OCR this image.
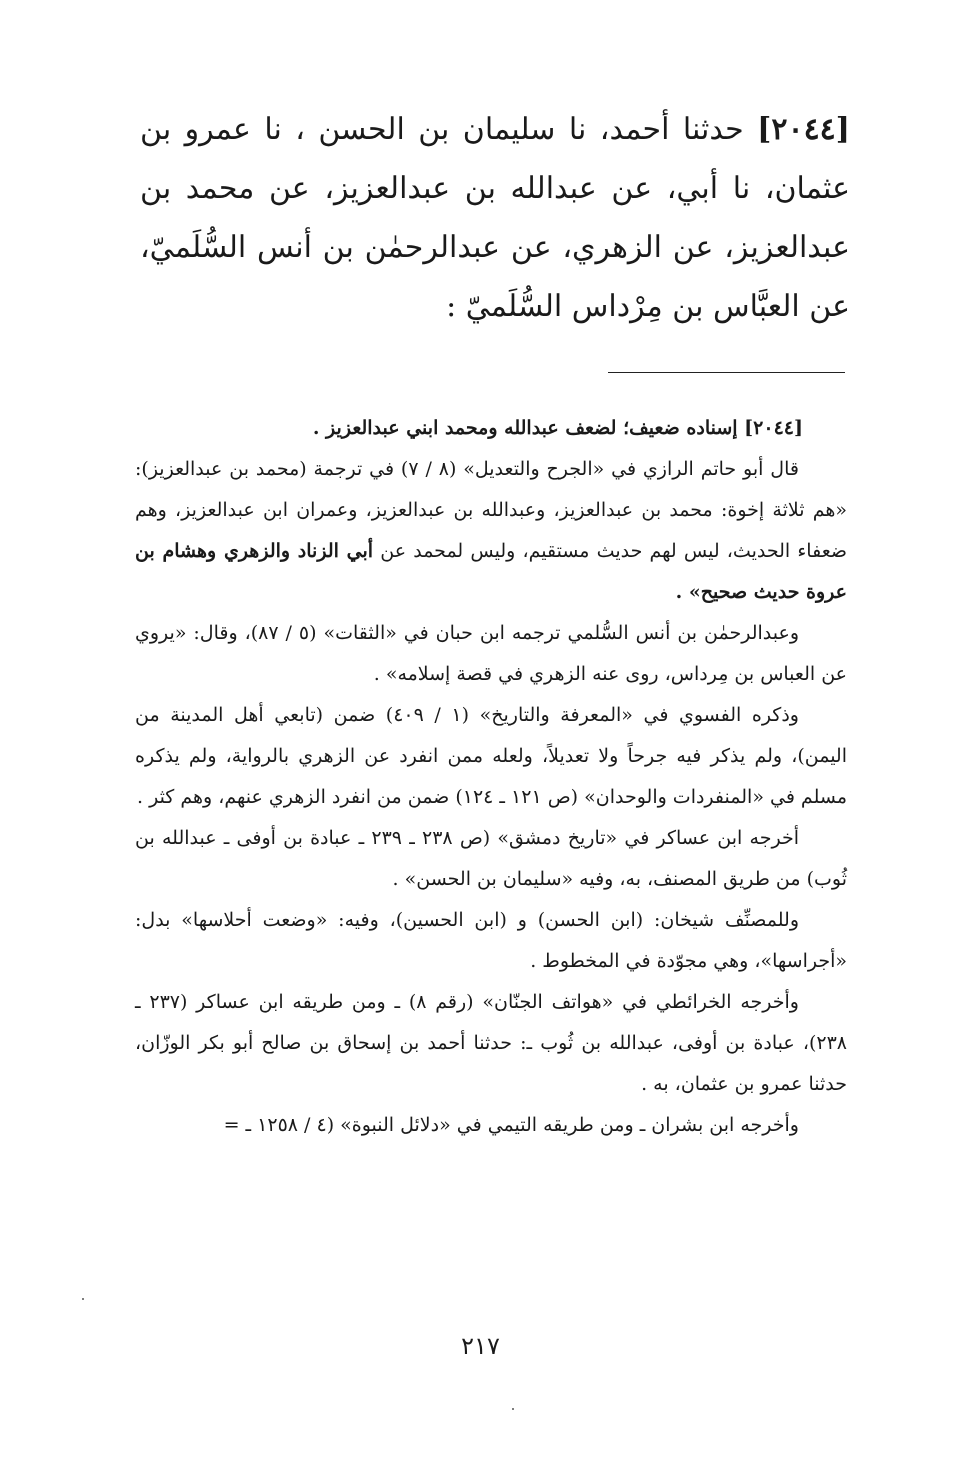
[٢٠٤٤] حدثنا أحمد، نا سليمان بن الحسن ، نا عمرو بن عثمان، نا أبي، عن عبدالله بن عبدالعزيز، عن محمد بن عبدالعزيز، عن الزهري، عن عبدالرحمٰن بن أنس السُّلَميّ، عن العبَّاس بن مِرْداس السُّلَميّ :

[٢٠٤٤] إسناده ضعيف؛ لضعف عبدالله ومحمد ابني عبدالعزيز .

قال أبو حاتم الرازي في «الجرح والتعديل» (٨ / ٧) في ترجمة (محمد بن عبدالعزيز): «هم ثلاثة إخوة: محمد بن عبدالعزيز، وعبدالله بن عبدالعزيز، وعمران ابن عبدالعزيز، وهم ضعفاء الحديث، ليس لهم حديث مستقيم، وليس لمحمد عن أبي الزناد والزهري وهشام بن عروة حديث صحيح» .

وعبدالرحمٰن بن أنس السُّلمي ترجمه ابن حبان في «الثقات» (٥ / ٨٧)، وقال: «يروي عن العباس بن مِرداس، روى عنه الزهري في قصة إسلامه» .

وذكره الفسوي في «المعرفة والتاريخ» (١ / ٤٠٩) ضمن (تابعي أهل المدينة من اليمن)، ولم يذكر فيه جرحاً ولا تعديلاً، ولعله ممن انفرد عن الزهري بالرواية، ولم يذكره مسلم في «المنفردات والوحدان» (ص ١٢١ ـ ١٢٤) ضمن من انفرد الزهري عنهم، وهم كثر .

أخرجه ابن عساكر في «تاريخ دمشق» (ص ٢٣٨ ـ ٢٣٩ ـ عبادة بن أوفى ـ عبدالله بن ثُوب) من طريق المصنف، به، وفيه «سليمان بن الحسن» .

وللمصنِّف شيخان: (ابن الحسن) و (ابن الحسين)، وفيه: «وضعت أحلاسها» بدل: «أجراسها»، وهي مجوّدة في المخطوط .

وأخرجه الخرائطي في «هواتف الجنّان» (رقم ٨) ـ ومن طريقه ابن عساكر (٢٣٧ ـ ٢٣٨)، عبادة بن أوفى، عبدالله بن ثُوب ـ: حدثنا أحمد بن إسحاق بن صالح أبو بكر الوزّان، حدثنا عمرو بن عثمان، به .

وأخرجه ابن بشران ـ ومن طريقه التيمي في «دلائل النبوة» (٤ / ١٢٥٨ ـ =

٢١٧
